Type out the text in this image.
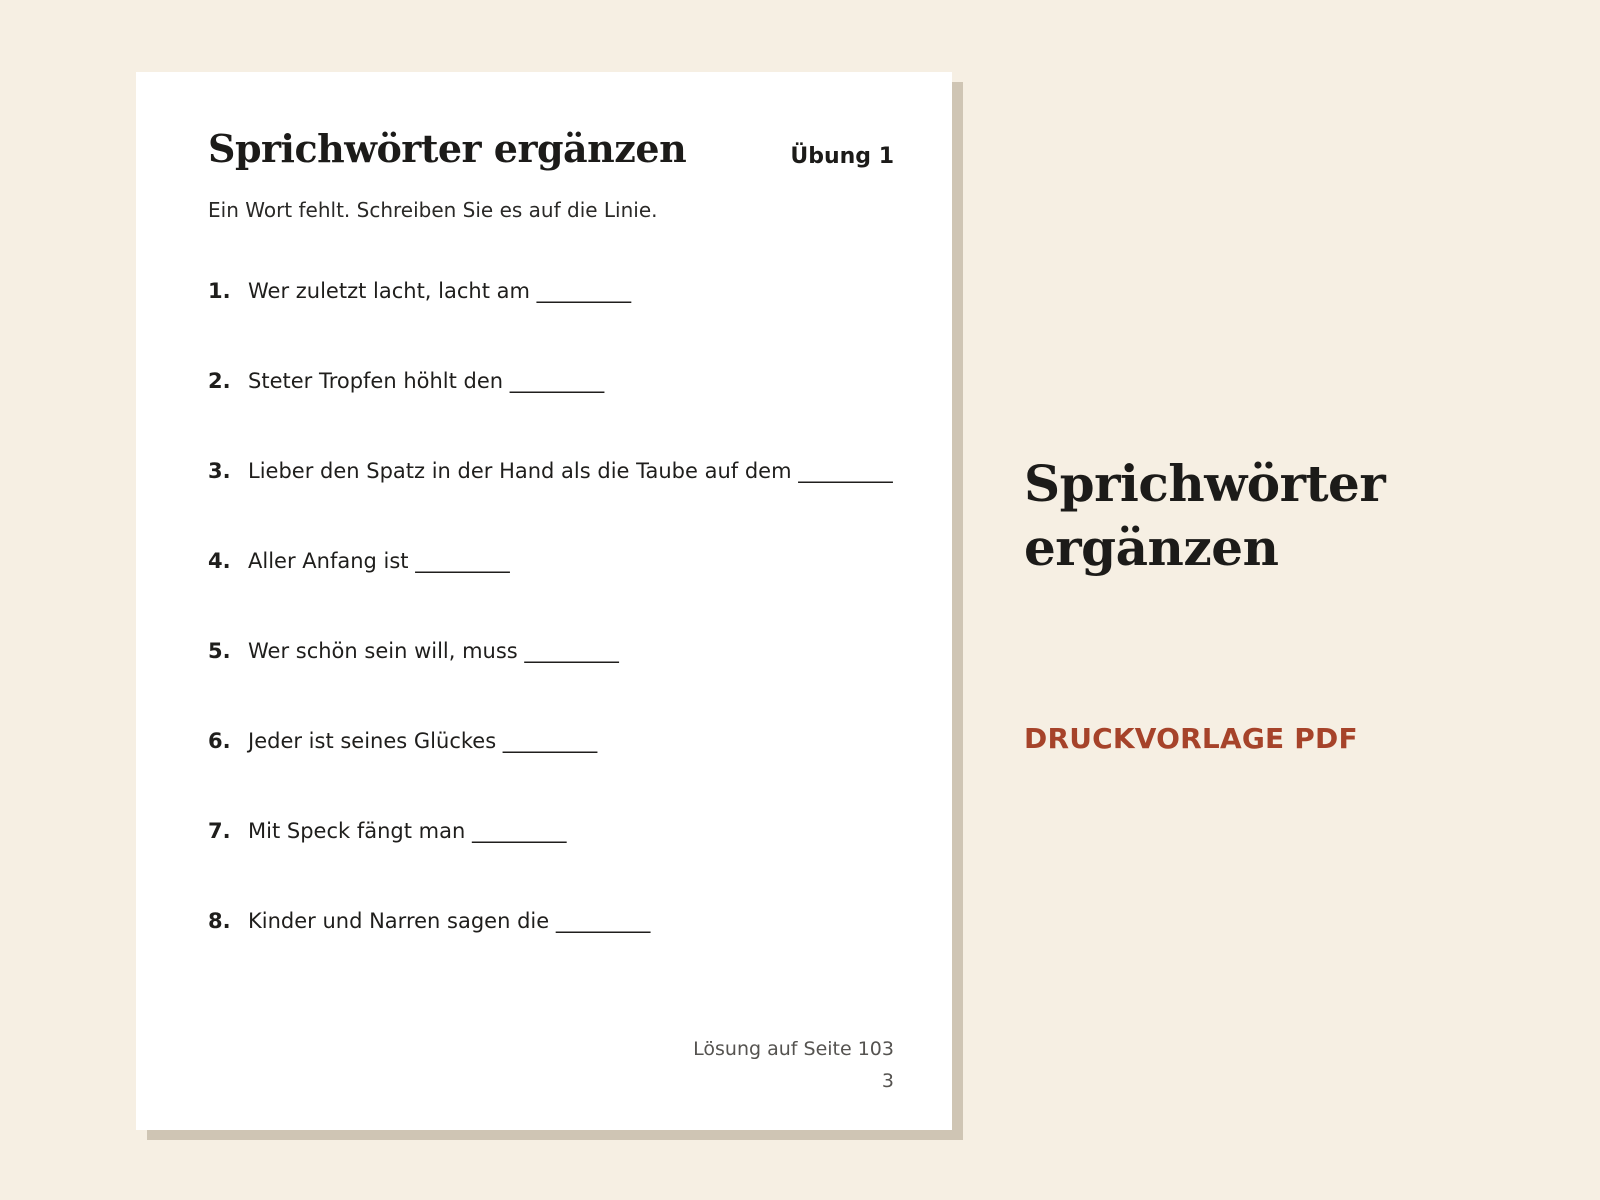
Sprichwörter ergänzen	Übung 1
Ein Wort fehlt. Schreiben Sie es auf die Linie.
1. Wer zuletzt lacht, lacht am _________
2. Steter Tropfen höhlt den _________
3. Lieber den Spatz in der Hand als die Taube auf dem _________
4. Aller Anfang ist _________
5. Wer schön sein will, muss _________
6. Jeder ist seines Glückes _________
7. Mit Speck fängt man _________
8. Kinder und Narren sagen die _________
Lösung auf Seite 103
3
Sprichwörter
ergänzen
DRUCKVORLAGE PDF
